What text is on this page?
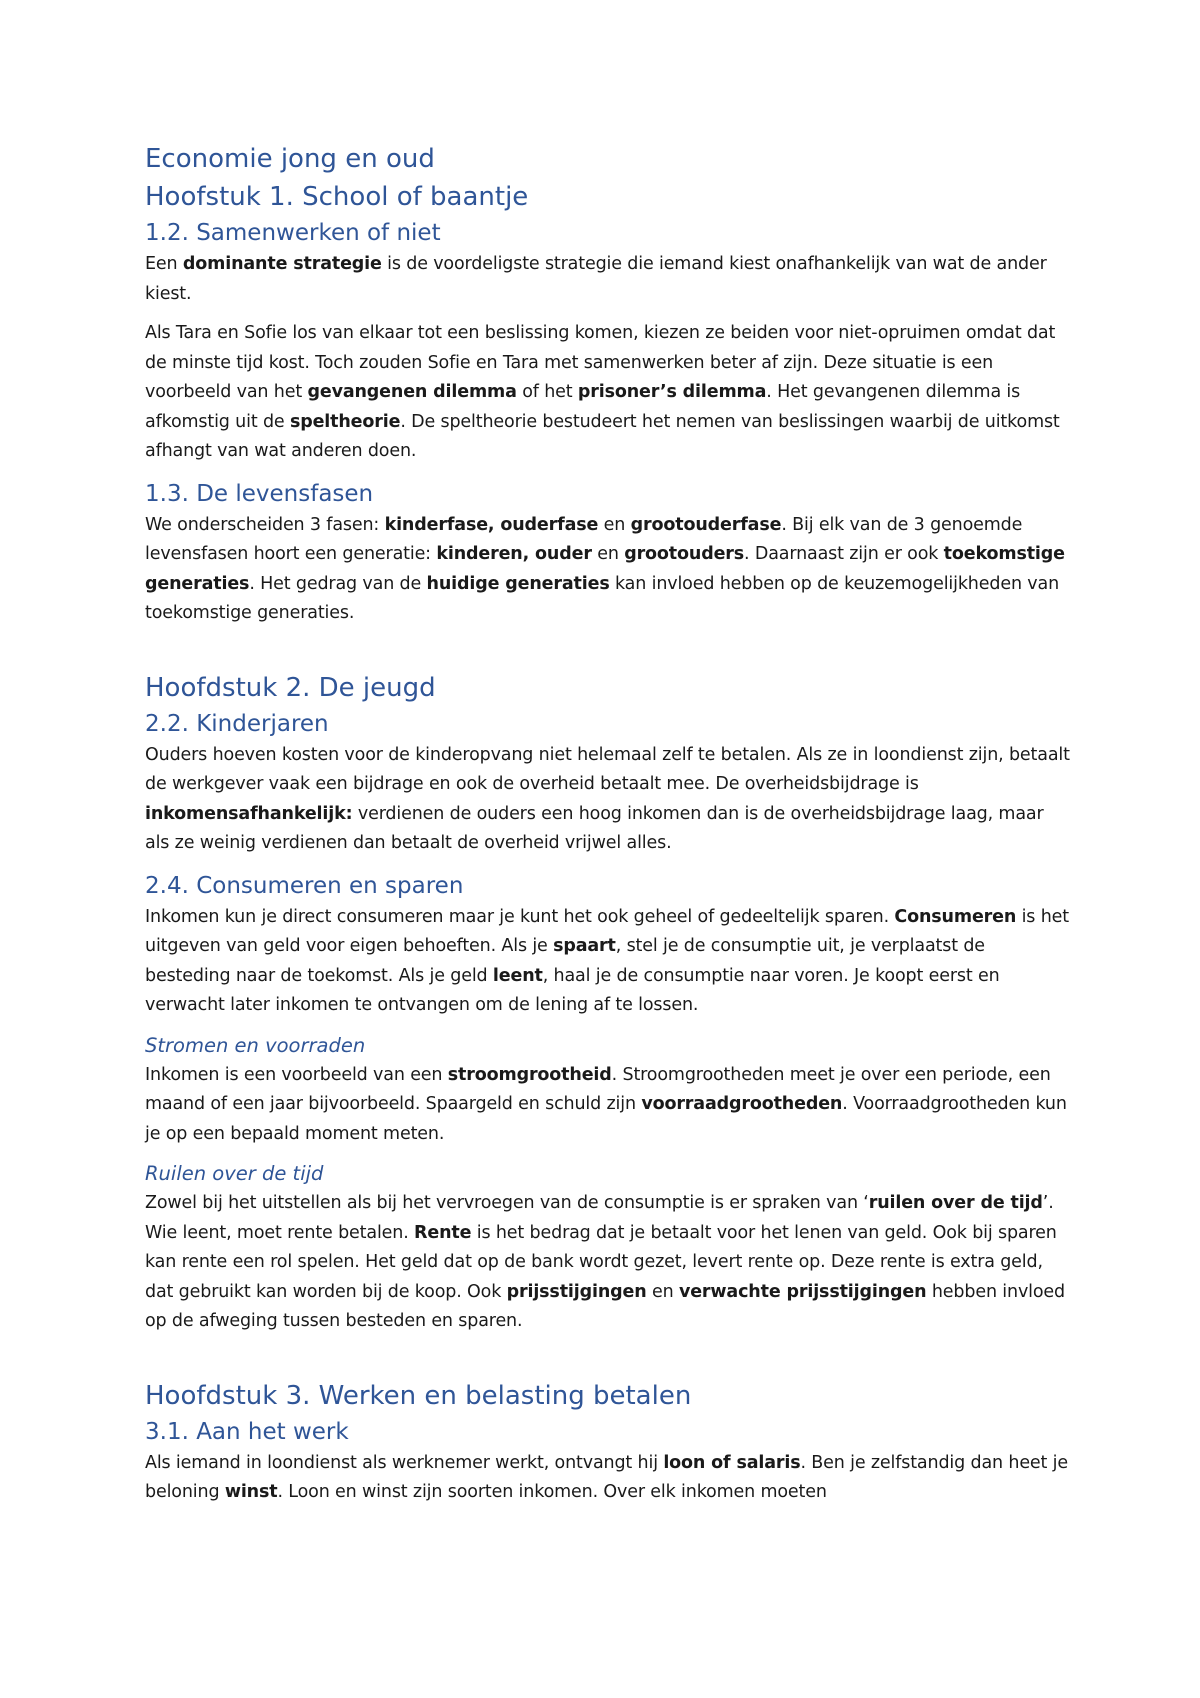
Economie jong en oud
Hoofstuk 1. School of baantje
1.2. Samenwerken of niet

Een dominante strategie is de voordeligste strategie die iemand kiest onafhankelijk van wat de ander kiest.

Als Tara en Sofie los van elkaar tot een beslissing komen, kiezen ze beiden voor niet-opruimen omdat dat de minste tijd kost. Toch zouden Sofie en Tara met samenwerken beter af zijn. Deze situatie is een voorbeeld van het gevangenen dilemma of het prisoner’s dilemma. Het gevangenen dilemma is afkomstig uit de speltheorie. De speltheorie bestudeert het nemen van beslissingen waarbij de uitkomst afhangt van wat anderen doen.

1.3. De levensfasen

We onderscheiden 3 fasen: kinderfase, ouderfase en grootouderfase. Bij elk van de 3 genoemde levensfasen hoort een generatie: kinderen, ouder en grootouders. Daarnaast zijn er ook toekomstige generaties. Het gedrag van de huidige generaties kan invloed hebben op de keuzemogelijkheden van toekomstige generaties.

Hoofdstuk 2. De jeugd
2.2. Kinderjaren

Ouders hoeven kosten voor de kinderopvang niet helemaal zelf te betalen. Als ze in loondienst zijn, betaalt de werkgever vaak een bijdrage en ook de overheid betaalt mee. De overheidsbijdrage is inkomensafhankelijk: verdienen de ouders een hoog inkomen dan is de overheidsbijdrage laag, maar als ze weinig verdienen dan betaalt de overheid vrijwel alles.

2.4. Consumeren en sparen

Inkomen kun je direct consumeren maar je kunt het ook geheel of gedeeltelijk sparen. Consumeren is het uitgeven van geld voor eigen behoeften. Als je spaart, stel je de consumptie uit, je verplaatst de besteding naar de toekomst. Als je geld leent, haal je de consumptie naar voren. Je koopt eerst en verwacht later inkomen te ontvangen om de lening af te lossen.

Stromen en voorraden

Inkomen is een voorbeeld van een stroomgrootheid. Stroomgrootheden meet je over een periode, een maand of een jaar bijvoorbeeld. Spaargeld en schuld zijn voorraadgrootheden. Voorraadgrootheden kun je op een bepaald moment meten.

Ruilen over de tijd

Zowel bij het uitstellen als bij het vervroegen van de consumptie is er spraken van ‘ruilen over de tijd’. Wie leent, moet rente betalen. Rente is het bedrag dat je betaalt voor het lenen van geld. Ook bij sparen kan rente een rol spelen. Het geld dat op de bank wordt gezet, levert rente op. Deze rente is extra geld, dat gebruikt kan worden bij de koop. Ook prijsstijgingen en verwachte prijsstijgingen hebben invloed op de afweging tussen besteden en sparen.

Hoofdstuk 3. Werken en belasting betalen
3.1. Aan het werk

Als iemand in loondienst als werknemer werkt, ontvangt hij loon of salaris. Ben je zelfstandig dan heet je beloning winst. Loon en winst zijn soorten inkomen. Over elk inkomen moeten
